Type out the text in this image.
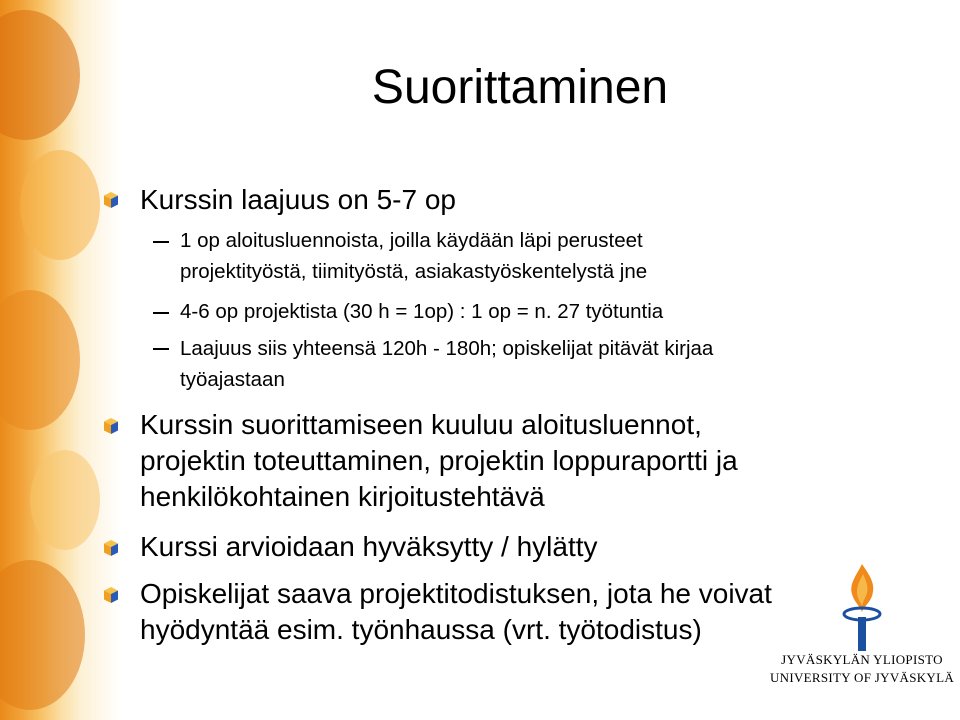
Suorittaminen
Kurssin laajuus on 5-7 op
1 op aloitusluennoista, joilla käydään läpi perusteet
projektityöstä, tiimityöstä, asiakastyöskentelystä jne
4-6 op projektista (30 h = 1op) : 1 op = n. 27 työtuntia
Laajuus siis yhteensä 120h - 180h; opiskelijat pitävät kirjaa
työajastaan
Kurssin suorittamiseen kuuluu aloitusluennot,
projektin toteuttaminen, projektin loppuraportti ja
henkilökohtainen kirjoitustehtävä
Kurssi arvioidaan hyväksytty / hylätty
Opiskelijat saava projektitodistuksen, jota he voivat
hyödyntää esim. työnhaussa (vrt. työtodistus)
JYVÄSKYLÄN YLIOPISTO
UNIVERSITY OF JYVÄSKYLÄ
